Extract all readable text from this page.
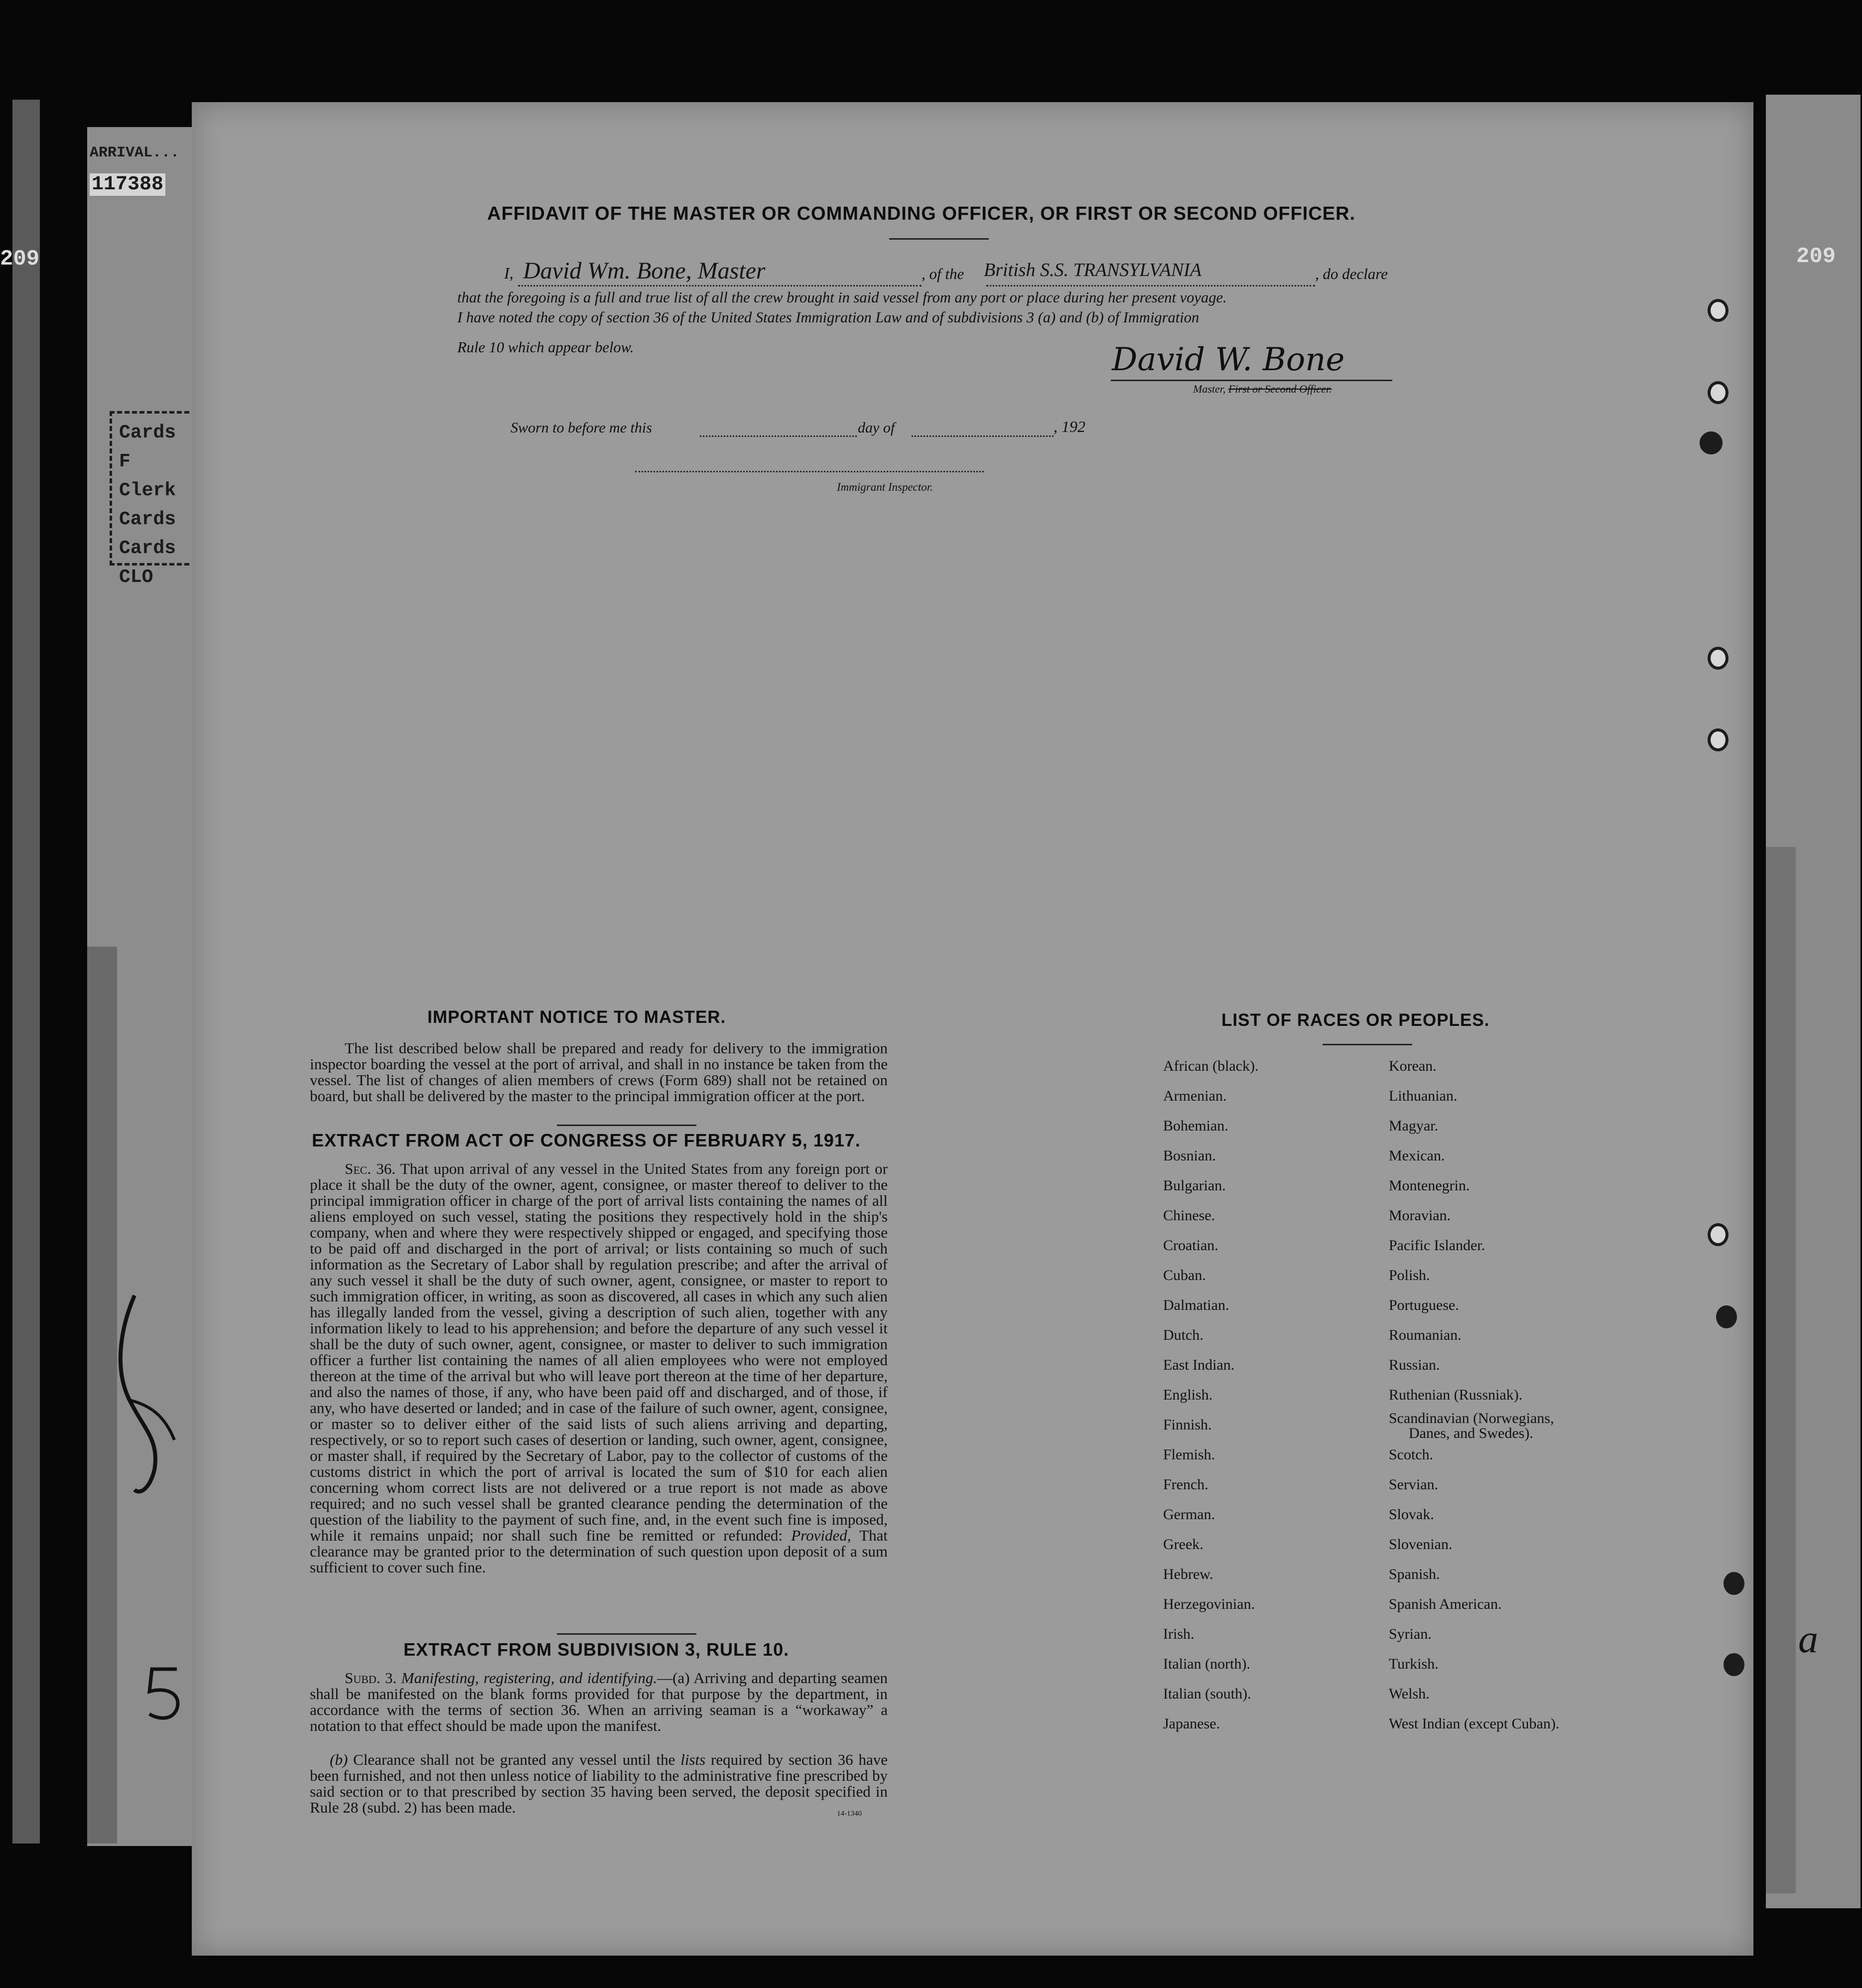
ARRIVAL...
117388
209
Cards F
Clerk
Cards
Cards
CLO
209
AFFIDAVIT OF THE MASTER OR COMMANDING OFFICER, OR FIRST OR SECOND OFFICER.
I, David Wm. Bone, Master	, of the British S.S. TRANSYLVANIA	, do declare
that the foregoing is a full and true list of all the crew brought in said vessel from any port or place during her present voyage.
I have noted the copy of section 36 of the United States Immigration Law and of subdivisions 3 (a) and (b) of Immigration
Rule 10 which appear below.	David W. Bone
Master, First or Second Officer.
Sworn to before me this	day of	, 192
Immigrant Inspector.
IMPORTANT NOTICE TO MASTER.
The list described below shall be prepared and ready for delivery to the immigration inspector boarding the vessel at the port of arrival, and shall in no instance be taken from the vessel. The list of changes of alien members of crews (Form 689) shall not be retained on board, but shall be delivered by the master to the principal immigration officer at the port.
EXTRACT FROM ACT OF CONGRESS OF FEBRUARY 5, 1917.
Sec. 36. That upon arrival of any vessel in the United States from any foreign port or place it shall be the duty of the owner, agent, consignee, or master thereof to deliver to the principal immigration officer in charge of the port of arrival lists containing the names of all aliens employed on such vessel, stating the positions they respectively hold in the ship's company, when and where they were respectively shipped or engaged, and specifying those to be paid off and discharged in the port of arrival; or lists containing so much of such information as the Secretary of Labor shall by regulation prescribe; and after the arrival of any such vessel it shall be the duty of such owner, agent, consignee, or master to report to such immigration officer, in writing, as soon as discovered, all cases in which any such alien has illegally landed from the vessel, giving a description of such alien, together with any information likely to lead to his apprehension; and before the departure of any such vessel it shall be the duty of such owner, agent, consignee, or master to deliver to such immigration officer a further list containing the names of all alien employees who were not employed thereon at the time of the arrival but who will leave port thereon at the time of her departure, and also the names of those, if any, who have been paid off and discharged, and of those, if any, who have deserted or landed; and in case of the failure of such owner, agent, consignee, or master so to deliver either of the said lists of such aliens arriving and departing, respectively, or so to report such cases of desertion or landing, such owner, agent, consignee, or master shall, if required by the Secretary of Labor, pay to the collector of customs of the customs district in which the port of arrival is located the sum of $10 for each alien concerning whom correct lists are not delivered or a true report is not made as above required; and no such vessel shall be granted clearance pending the determination of the question of the liability to the payment of such fine, and, in the event such fine is imposed, while it remains unpaid; nor shall such fine be remitted or refunded: Provided, That clearance may be granted prior to the determination of such question upon deposit of a sum sufficient to cover such fine.
EXTRACT FROM SUBDIVISION 3, RULE 10.
Subd. 3. Manifesting, registering, and identifying.—(a) Arriving and departing seamen shall be manifested on the blank forms provided for that purpose by the department, in accordance with the terms of section 36. When an arriving seaman is a “workaway” a notation to that effect should be made upon the manifest.
(b) Clearance shall not be granted any vessel until the lists required by section 36 have been furnished, and not then unless notice of liability to the administrative fine prescribed by said section or to that prescribed by section 35 having been served, the deposit specified in Rule 28 (subd. 2) has been made.	14-1340
LIST OF RACES OR PEOPLES.
African (black).
Armenian.
Bohemian.
Bosnian.
Bulgarian.
Chinese.
Croatian.
Cuban.
Dalmatian.
Dutch.
East Indian.
English.
Finnish.
Flemish.
French.
German.
Greek.
Hebrew.
Herzegovinian.
Irish.
Italian (north).
Italian (south).
Japanese.
Korean.
Lithuanian.
Magyar.
Mexican.
Montenegrin.
Moravian.
Pacific Islander.
Polish.
Portuguese.
Roumanian.
Russian.
Ruthenian (Russniak).
Scandinavian (Norwegians,
Danes, and Swedes).
Scotch.
Servian.
Slovak.
Slovenian.
Spanish.
Spanish American.
Syrian.
Turkish.
Welsh.
West Indian (except Cuban).
a
